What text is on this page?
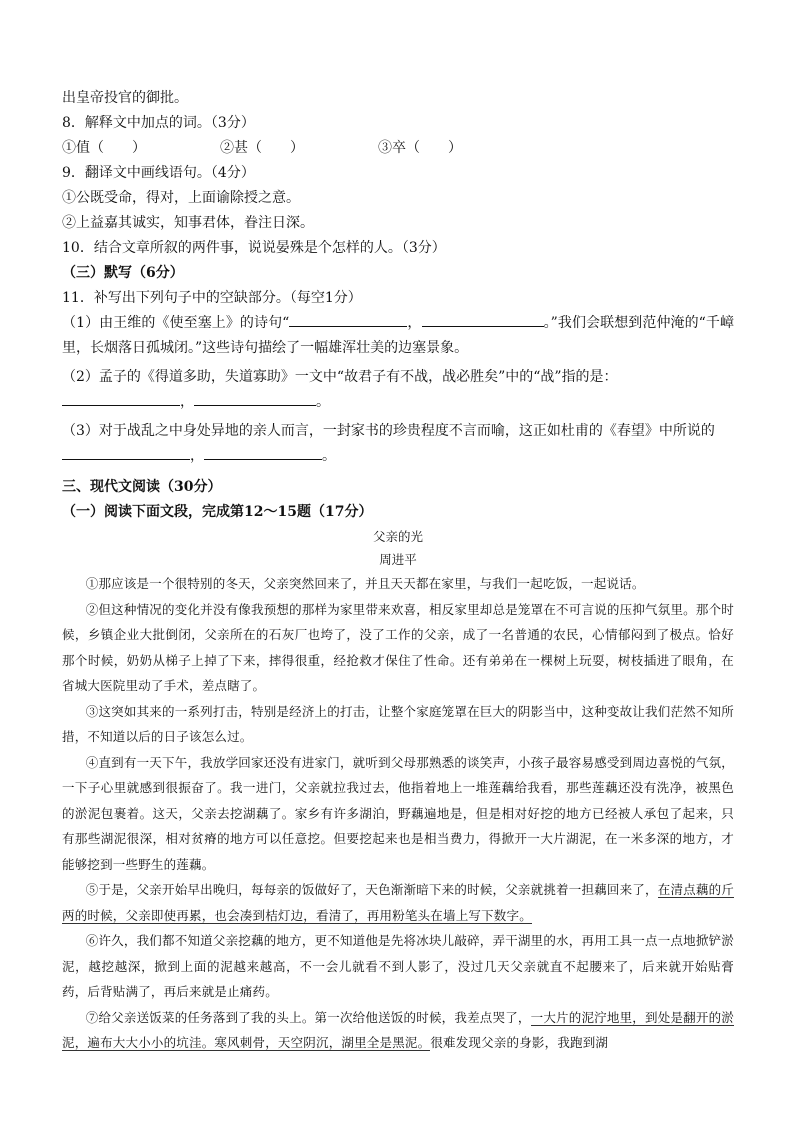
出皇帝投官的御批。
8．解释文中加点的词。（3分）
①值（　　）	②甚（　　）	③卒（　　）
9．翻译文中画线语句。（4分）
①公既受命，得对，上面谕除授之意。
②上益嘉其诚实，知事君体，眷注日深。
10．结合文章所叙的两件事，说说晏殊是个怎样的人。（3分）
（三）默写（6分）
11．补写出下列句子中的空缺部分。（每空1分）
（1）由王维的《使至塞上》的诗句“	，	。”我们会联想到范仲淹的“千嶂里，长烟落日孤城闭。”这些诗句描绘了一幅雄浑壮美的边塞景象。
（2）孟子的《得道多助，失道寡助》一文中“故君子有不战，战必胜矣”中的“战”指的是：
，	。
（3）对于战乱之中身处异地的亲人而言，一封家书的珍贵程度不言而喻，这正如杜甫的《春望》中所说的
，	。
三、现代文阅读（30分）
（一）阅读下面文段，完成第12～15题（17分）
父亲的光
周进平
①那应该是一个很特别的冬天，父亲突然回来了，并且天天都在家里，与我们一起吃饭，一起说话。
②但这种情况的变化并没有像我预想的那样为家里带来欢喜，相反家里却总是笼罩在不可言说的压抑气氛里。那个时候，乡镇企业大批倒闭，父亲所在的石灰厂也垮了，没了工作的父亲，成了一名普通的农民，心情郁闷到了极点。恰好那个时候，奶奶从梯子上掉了下来，摔得很重，经抢救才保住了性命。还有弟弟在一棵树上玩耍，树枝插进了眼角，在省城大医院里动了手术，差点瞎了。
③这突如其来的一系列打击，特别是经济上的打击，让整个家庭笼罩在巨大的阴影当中，这种变故让我们茫然不知所措，不知道以后的日子该怎么过。
④直到有一天下午，我放学回家还没有进家门，就听到父母那熟悉的谈笑声，小孩子最容易感受到周边喜悦的气氛，一下子心里就感到很振奋了。我一进门，父亲就拉我过去，他指着地上一堆莲藕给我看，那些莲藕还没有洗净，被黑色的淤泥包裹着。这天，父亲去挖湖藕了。家乡有许多湖泊，野藕遍地是，但是相对好挖的地方已经被人承包了起来，只有那些湖泥很深，相对贫瘠的地方可以任意挖。但要挖起来也是相当费力，得掀开一大片湖泥，在一米多深的地方，才能够挖到一些野生的莲藕。
⑤于是，父亲开始早出晚归，每每亲的饭做好了，天色渐渐暗下来的时候，父亲就挑着一担藕回来了，在清点藕的斤两的时候，父亲即使再累，也会凑到桔灯边，看清了，再用粉笔头在墙上写下数字。
⑥许久，我们都不知道父亲挖藕的地方，更不知道他是先将冰块儿敲碎，弄干湖里的水，再用工具一点一点地掀铲淤泥，越挖越深，掀到上面的泥越来越高，不一会儿就看不到人影了，没过几天父亲就直不起腰来了，后来就开始贴膏药，后背贴满了，再后来就是止痛药。
⑦给父亲送饭菜的任务落到了我的头上。第一次给他送饭的时候，我差点哭了，一大片的泥泞地里，到处是翻开的淤泥，遍布大大小小的坑洼。寒风刺骨，天空阴沉，湖里全是黑泥。很难发现父亲的身影，我跑到湖
